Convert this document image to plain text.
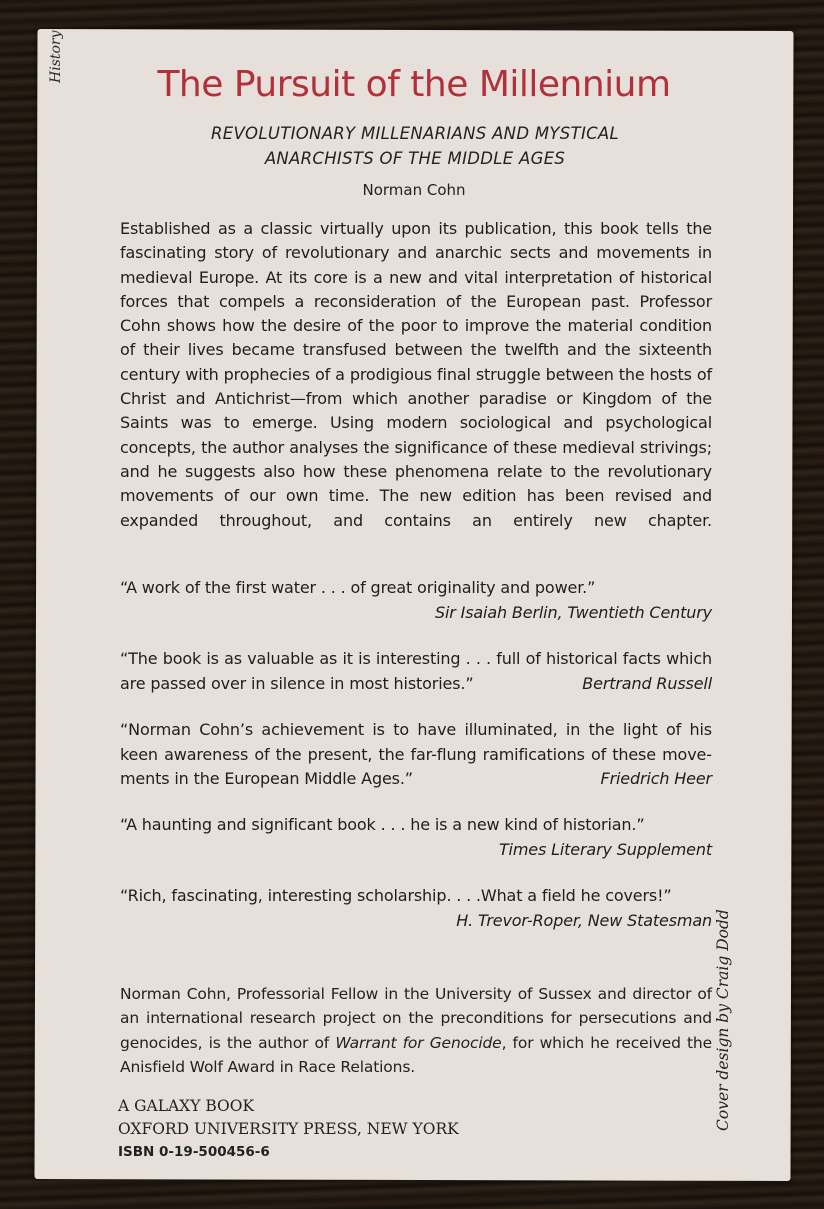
History
The Pursuit of the Millennium
REVOLUTIONARY MILLENARIANS AND MYSTICAL
ANARCHISTS OF THE MIDDLE AGES
Norman Cohn
Established as a classic virtually upon its publication, this book tells the fascinating story of revolutionary and anarchic sects and movements in medieval Europe. At its core is a new and vital interpretation of historical forces that compels a reconsideration of the European past. Professor Cohn shows how the desire of the poor to improve the material condition of their lives became transfused between the twelfth and the sixteenth century with prophecies of a prodigious final struggle between the hosts of Christ and Antichrist—from which another paradise or Kingdom of the Saints was to emerge. Using modern sociological and psychological concepts, the author analyses the significance of these medieval strivings; and he suggests also how these phenomena relate to the revolutionary movements of our own time. The new edition has been revised and expanded throughout, and contains an entirely new chapter.
“A work of the first water . . . of great originality and power.”
Sir Isaiah Berlin, Twentieth Century
“The book is as valuable as it is interesting . . . full of historical facts which are passed over in silence in most histories.”	Bertrand Russell
“Norman Cohn’s achievement is to have illuminated, in the light of his keen awareness of the present, the far-flung ramifications of these movements in the European Middle Ages.”	Friedrich Heer
“A haunting and significant book . . . he is a new kind of historian.”
Times Literary Supplement
“Rich, fascinating, interesting scholarship. . . .What a field he covers!”
H. Trevor-Roper, New Statesman
Norman Cohn, Professorial Fellow in the University of Sussex and director of an international research project on the preconditions for persecutions and genocides, is the author of Warrant for Genocide, for which he received the Anisfield Wolf Award in Race Relations.
A GALAXY BOOK
OXFORD UNIVERSITY PRESS, NEW YORK
ISBN 0-19-500456-6
Cover design by Craig Dodd
